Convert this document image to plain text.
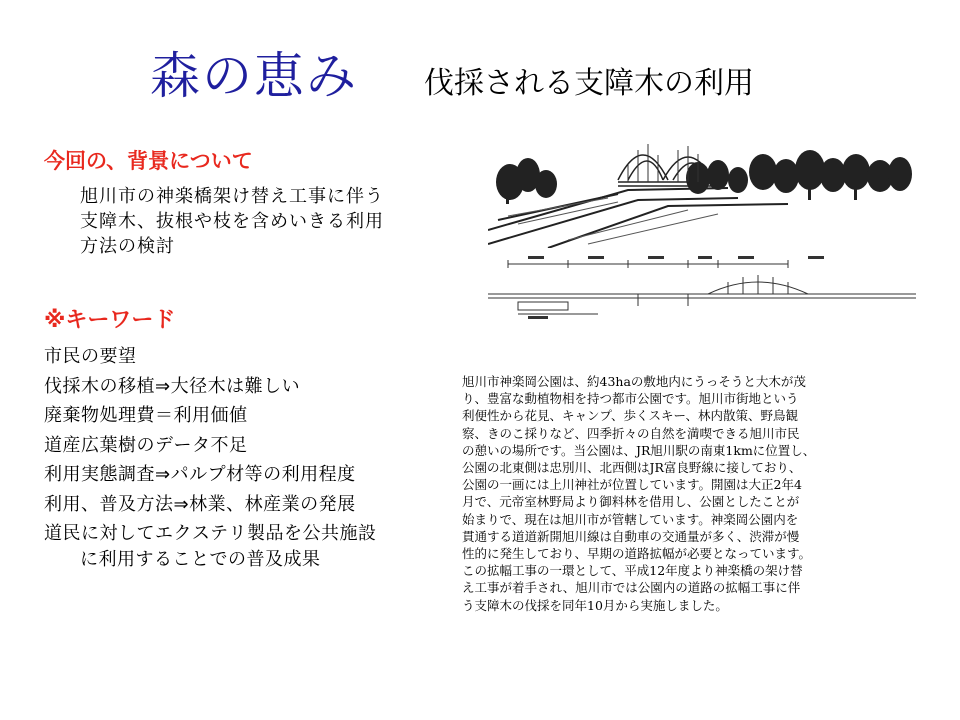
森の恵み 伐採される支障木の利用
今回の、背景について
旭川市の神楽橋架け替え工事に伴う
支障木、抜根や枝を含めいきる利用
方法の検討
※キーワード
市民の要望
伐採木の移植⇒大径木は難しい
廃棄物処理費＝利用価値
道産広葉樹のデータ不足
利用実態調査⇒パルプ材等の利用程度
利用、普及方法⇒林業、林産業の発展
道民に対してエクステリ製品を公共施設
に利用することでの普及成果
旭川市神楽岡公園は、約43haの敷地内にうっそうと大木が茂
り、豊富な動植物相を持つ都市公園です。旭川市街地という
利便性から花見、キャンプ、歩くスキー、林内散策、野鳥観
察、きのこ採りなど、四季折々の自然を満喫できる旭川市民
の憩いの場所です。当公園は、JR旭川駅の南東1kmに位置し、
公園の北東側は忠別川、北西側はJR富良野線に接しており、
公園の一画には上川神社が位置しています。開園は大正2年4
月で、元帝室林野局より御料林を借用し、公園としたことが
始まりで、現在は旭川市が管轄しています。神楽岡公園内を
貫通する道道新開旭川線は自動車の交通量が多く、渋滞が慢
性的に発生しており、早期の道路拡幅が必要となっています。
この拡幅工事の一環として、平成12年度より神楽橋の架け替
え工事が着手され、旭川市では公園内の道路の拡幅工事に伴
う支障木の伐採を同年10月から実施しました。
